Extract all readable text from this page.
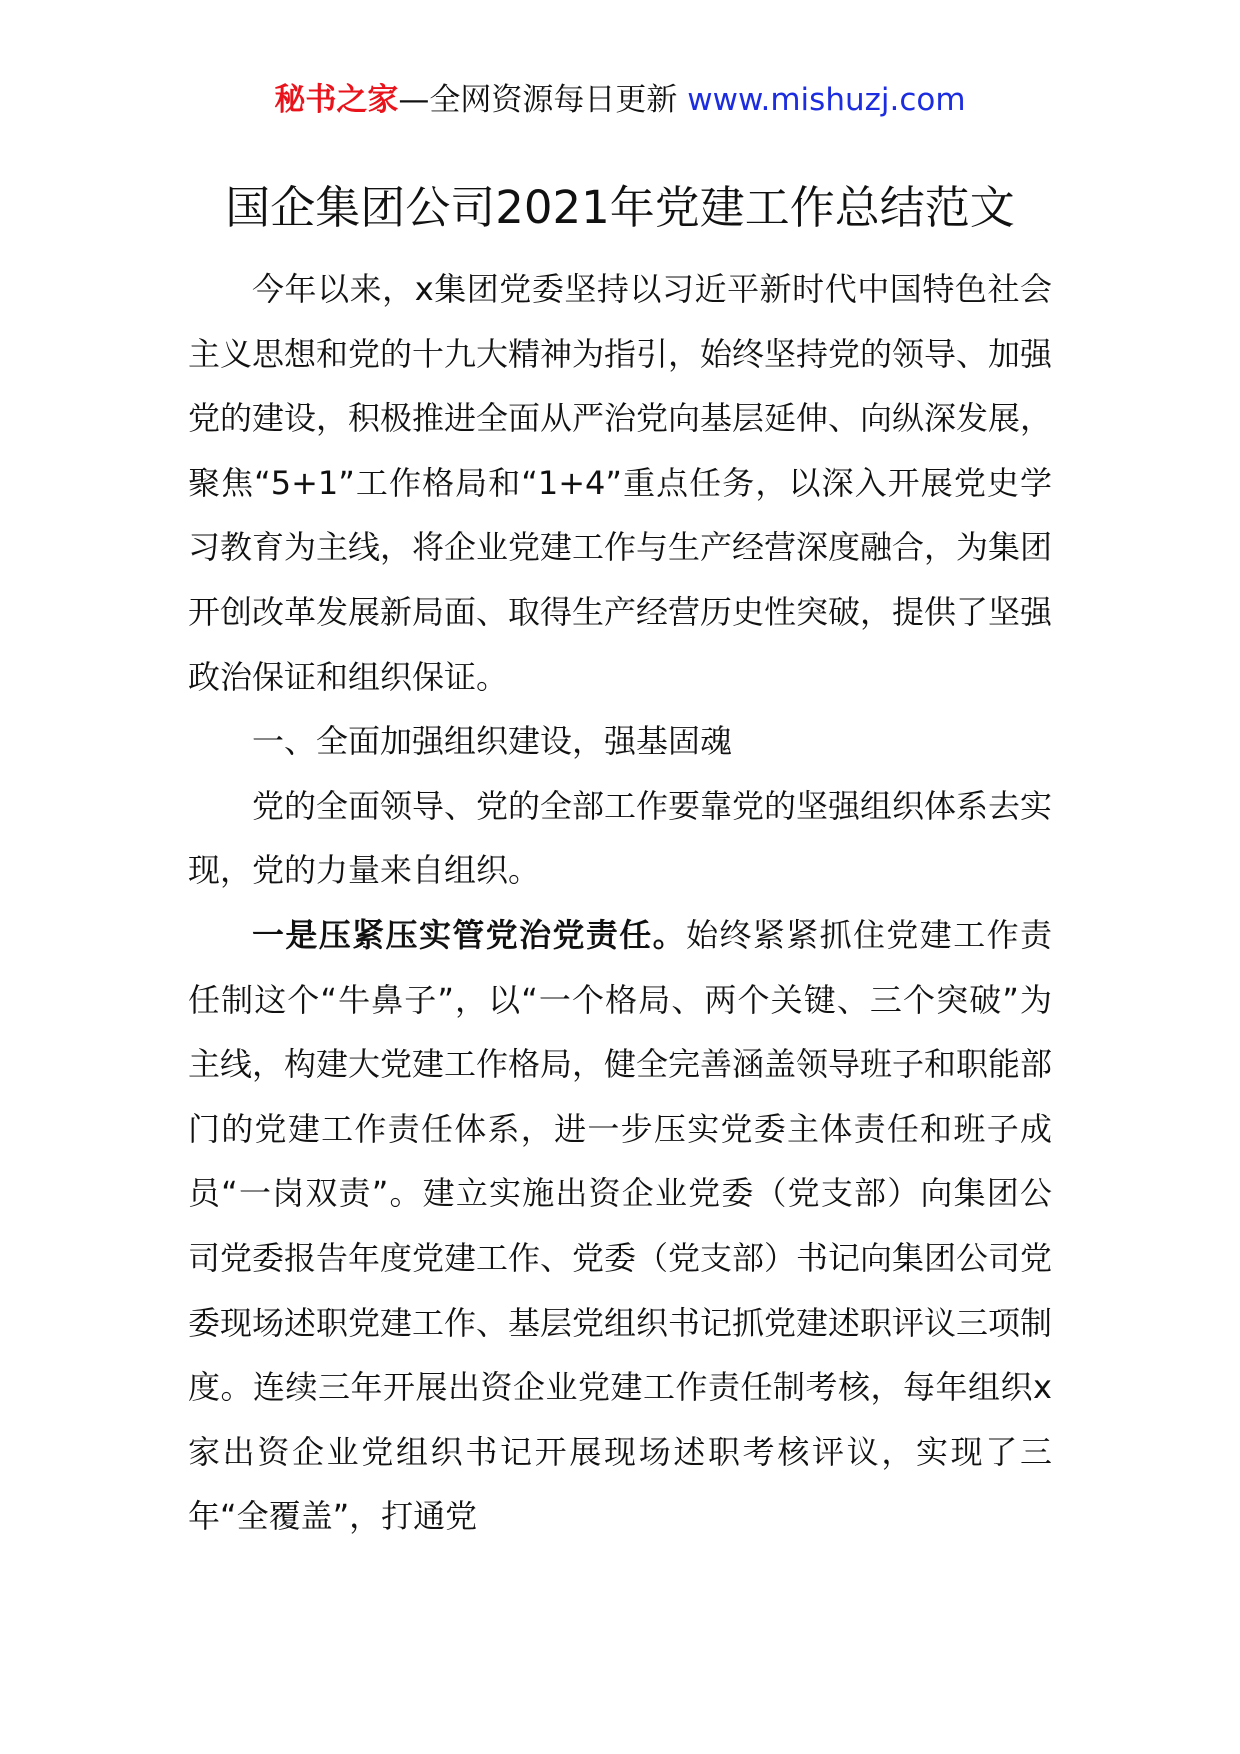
秘书之家—全网资源每日更新 www.mishuzj.com
国企集团公司2021年党建工作总结范文

今年以来，x集团党委坚持以习近平新时代中国特色社会主义思想和党的十九大精神为指引，始终坚持党的领导、加强党的建设，积极推进全面从严治党向基层延伸、向纵深发展，聚焦“5+1”工作格局和“1+4”重点任务，以深入开展党史学习教育为主线，将企业党建工作与生产经营深度融合，为集团开创改革发展新局面、取得生产经营历史性突破，提供了坚强政治保证和组织保证。

一、全面加强组织建设，强基固魂

党的全面领导、党的全部工作要靠党的坚强组织体系去实现，党的力量来自组织。

一是压紧压实管党治党责任。始终紧紧抓住党建工作责任制这个“牛鼻子”，以“一个格局、两个关键、三个突破”为主线，构建大党建工作格局，健全完善涵盖领导班子和职能部门的党建工作责任体系，进一步压实党委主体责任和班子成员“一岗双责”。建立实施出资企业党委（党支部）向集团公司党委报告年度党建工作、党委（党支部）书记向集团公司党委现场述职党建工作、基层党组织书记抓党建述职评议三项制度。连续三年开展出资企业党建工作责任制考核，每年组织x家出资企业党组织书记开展现场述职考核评议，实现了三年“全覆盖”，打通党
